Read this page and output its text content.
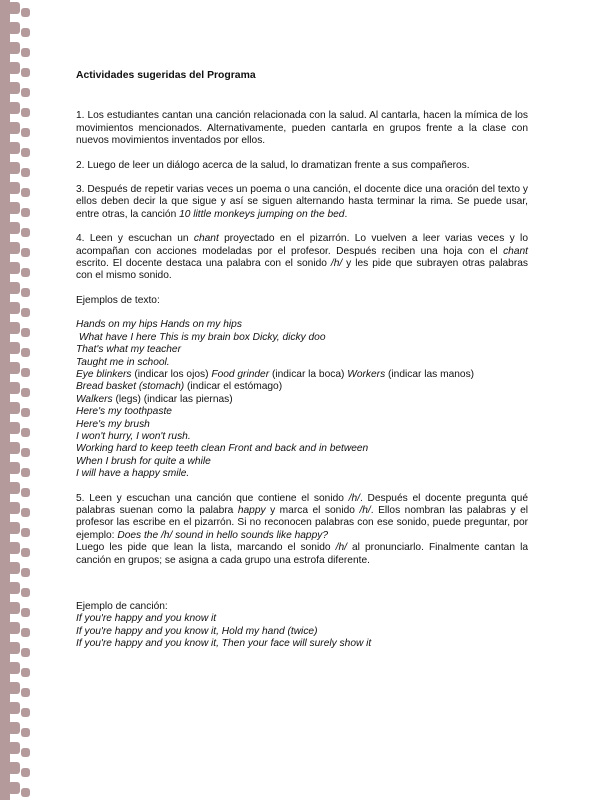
Actividades sugeridas del Programa

1. Los estudiantes cantan una canción relacionada con la salud. Al cantarla, hacen la mímica de los movimientos mencionados. Alternativamente, pueden cantarla en grupos frente a la clase con nuevos movimientos inventados por ellos.

2. Luego de leer un diálogo acerca de la salud, lo dramatizan frente a sus compañeros.

3. Después de repetir varias veces un poema o una canción, el docente dice una oración del texto y ellos deben decir la que sigue y así se siguen alternando hasta terminar la rima. Se puede usar, entre otras, la canción 10 little monkeys jumping on the bed.

4. Leen y escuchan un chant proyectado en el pizarrón. Lo vuelven a leer varias veces y lo acompañan con acciones modeladas por el profesor. Después reciben una hoja con el chant escrito. El docente destaca una palabra con el sonido /h/ y les pide que subrayen otras palabras con el mismo sonido.

Ejemplos de texto:

Hands on my hips Hands on my hips
What have I here This is my brain box Dicky, dicky doo
That's what my teacher
Taught me in school.
Eye blinkers (indicar los ojos) Food grinder (indicar la boca) Workers (indicar las manos)
Bread basket (stomach) (indicar el estómago)
Walkers (legs) (indicar las piernas)
Here's my toothpaste
Here's my brush
I won't hurry, I won't rush.
Working hard to keep teeth clean Front and back and in between
When I brush for quite a while
I will have a happy smile.

5. Leen y escuchan una canción que contiene el sonido /h/. Después el docente pregunta qué palabras suenan como la palabra happy y marca el sonido /h/. Ellos nombran las palabras y el profesor las escribe en el pizarrón. Si no reconocen palabras con ese sonido, puede preguntar, por ejemplo: Does the /h/ sound in hello sounds like happy?

Luego les pide que lean la lista, marcando el sonido /h/ al pronunciarlo. Finalmente cantan la canción en grupos; se asigna a cada grupo una estrofa diferente.

Ejemplo de canción:
If you're happy and you know it
If you're happy and you know it, Hold my hand (twice)
If you're happy and you know it, Then your face will surely show it
